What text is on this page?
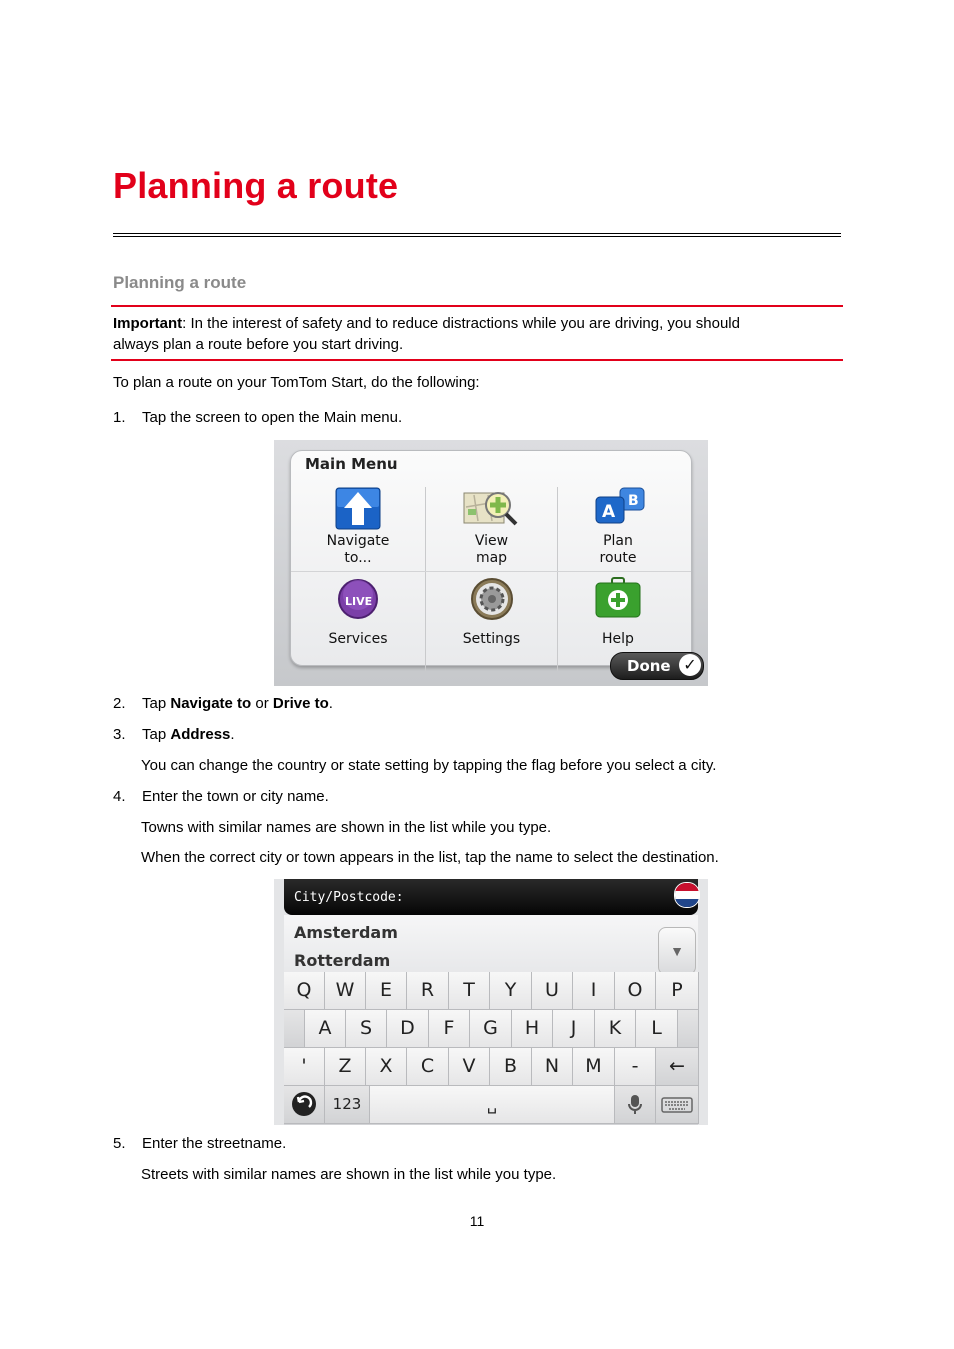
Planning a route
Planning a route
Important: In the interest of safety and to reduce distractions while you are driving, you should
always plan a route before you start driving.
To plan a route on your TomTom Start, do the following:
1. Tap the screen to open the Main menu.
Main Menu
Navigate
to...
View
map
B
A
Plan
route
LIVE
Services	Settings	Help
Done ✓
2. Tap Navigate to or Drive to.
3. Tap Address.
You can change the country or state setting by tapping the flag before you select a city.
4. Enter the town or city name.
Towns with similar names are shown in the list while you type.
When the correct city or town appears in the list, tap the name to select the destination.
City/Postcode:
Amsterdam
Rotterdam	▼
Q	W	E	R	T	Y	U	I	O	P
A	S	D	F	G	H	J	K	L
'	Z	X	C	V	B	N	M	-	←
123	␣
5. Enter the streetname.
Streets with similar names are shown in the list while you type.
11
